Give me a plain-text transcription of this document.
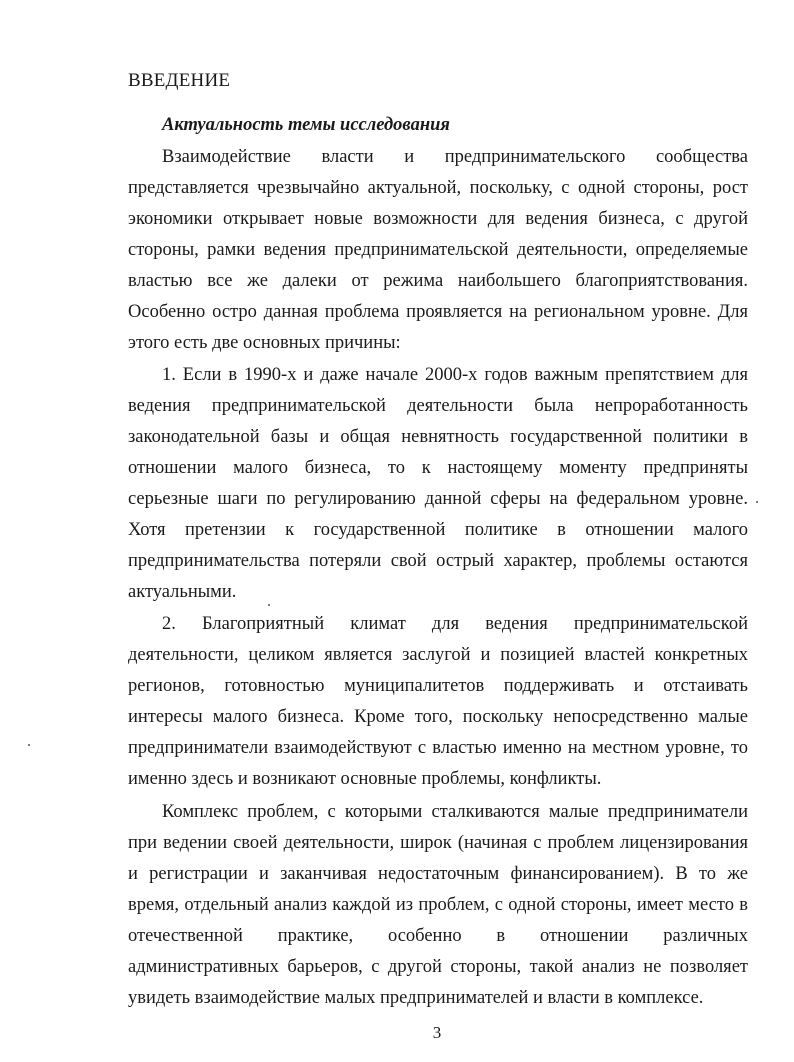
ВВЕДЕНИЕ
Актуальность темы исследования

Взаимодействие власти и предпринимательского сообщества представляется чрезвычайно актуальной, поскольку, с одной стороны, рост экономики открывает новые возможности для ведения бизнеса, с другой стороны, рамки ведения предпринимательской деятельности, определяемые властью все же далеки от режима наибольшего благоприятствования. Особенно остро данная проблема проявляется на региональном уровне. Для этого есть две основных причины:

1. Если в 1990-х и даже начале 2000-х годов важным препятствием для ведения предпринимательской деятельности была непроработанность законодательной базы и общая невнятность государственной политики в отношении малого бизнеса, то к настоящему моменту предприняты серьезные шаги по регулированию данной сферы на федеральном уровне. Хотя претензии к государственной политике в отношении малого предпринимательства потеряли свой острый характер, проблемы остаются актуальными.

2. Благоприятный климат для ведения предпринимательской деятельности, целиком является заслугой и позицией властей конкретных регионов, готовностью муниципалитетов поддерживать и отстаивать интересы малого бизнеса. Кроме того, поскольку непосредственно малые предприниматели взаимодействуют с властью именно на местном уровне, то именно здесь и возникают основные проблемы, конфликты.

Комплекс проблем, с которыми сталкиваются малые предприниматели при ведении своей деятельности, широк (начиная с проблем лицензирования и регистрации и заканчивая недостаточным финансированием). В то же время, отдельный анализ каждой из проблем, с одной стороны, имеет место в отечественной практике, особенно в отношении различных административных барьеров, с другой стороны, такой анализ не позволяет увидеть взаимодействие малых предпринимателей и власти в комплексе.

3
